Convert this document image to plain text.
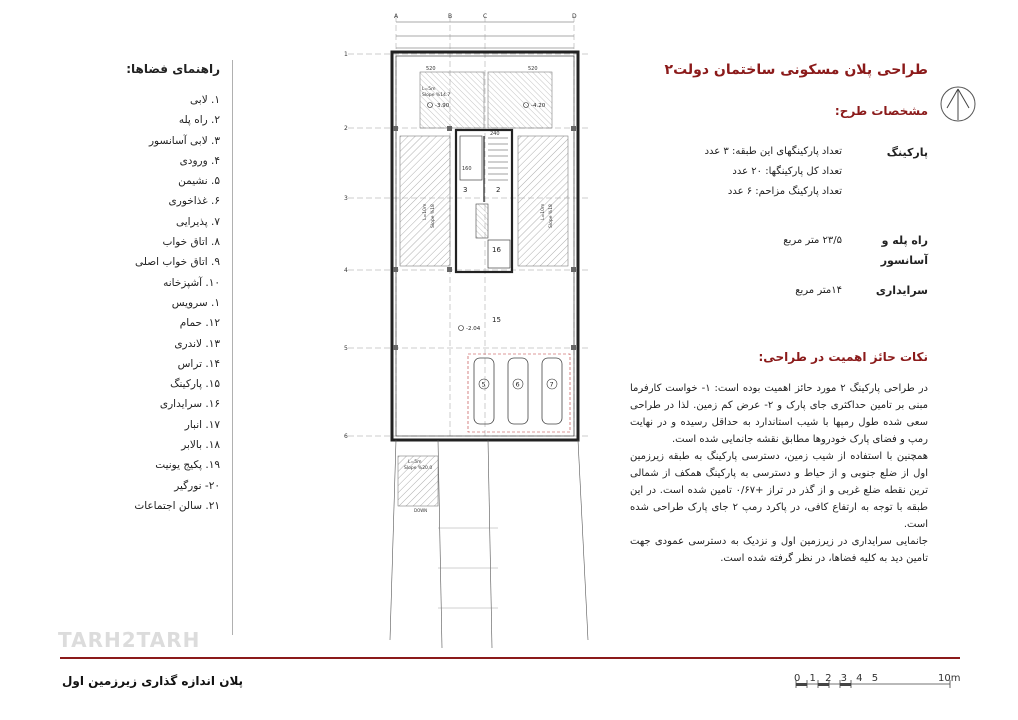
راهنمای فضاها:
۱. لابی
۲. راه پله
۳. لابی آسانسور
۴. ورودی
۵. نشیمن
۶. غذاخوری
۷. پذیرایی
۸. اتاق خواب
۹. اتاق خواب اصلی
۱۰. آشپزخانه
۱. سرویس
۱۲. حمام
۱۳. لاندری
۱۴. تراس
۱۵. پارکینگ
۱۶. سرایداری
۱۷. انبار
۱۸. بالابر
۱۹. پکیج یونیت
۲۰- نورگیر
۲۱. سالن اجتماعات
A	B	C	D
1
2
3
4
5
6
3	2
16
15
520	520
240
160
L=5m
Slope %14.7
L=10m Slope %18	L=10m Slope %18
-3.90	-4.20
-2.04
5	6	7
L=5m
Slope %20.0
DOWN
طراحی پلان مسکونی ساختمان دولت۲
مشخصات طرح:
پارکینگ
تعداد پارکینگهای این طبقه: ۳ عدد
تعداد کل پارکینگها: ۲۰ عدد
تعداد پارکینگ مزاحم: ۶ عدد
راه پله و
آسانسور
۲۳/۵ متر مربع
سرایداری
۱۴متر مربع
نکات حائز اهمیت در طراحی:

در طراحی پارکینگ ۲ مورد حائز اهمیت بوده است: ۱- خواست کارفرما مبنی بر تامین حداکثری جای پارک و ۲- عرض کم زمین. لذا در طراحی سعی شده طول رمپها با شیب استاندارد به حداقل رسیده و در نهایت رمپ و فضای پارک خودروها مطابق نقشه جانمایی شده است.

همچنین با استفاده از شیب زمین، دسترسی پارکینگ به طبقه زیرزمین اول از ضلع جنوبی و از حیاط و دسترسی به پارکینگ همکف از شمالی ترین نقطه ضلع غربی و از گذر در تراز +۰/۶۷ تامین شده است. در این طبقه با توجه به ارتفاع کافی، در پاکرد رمپ ۲ جای پارک طراحی شده است.

جانمایی سرایداری در زیرزمین اول و نزدیک به دسترسی عمودی جهت تامین دید به کلیه فضاها، در نظر گرفته شده است.

TARH2TARH
پلان اندازه گذاری زیرزمین اول	0 1 2 3 4 5	10m
